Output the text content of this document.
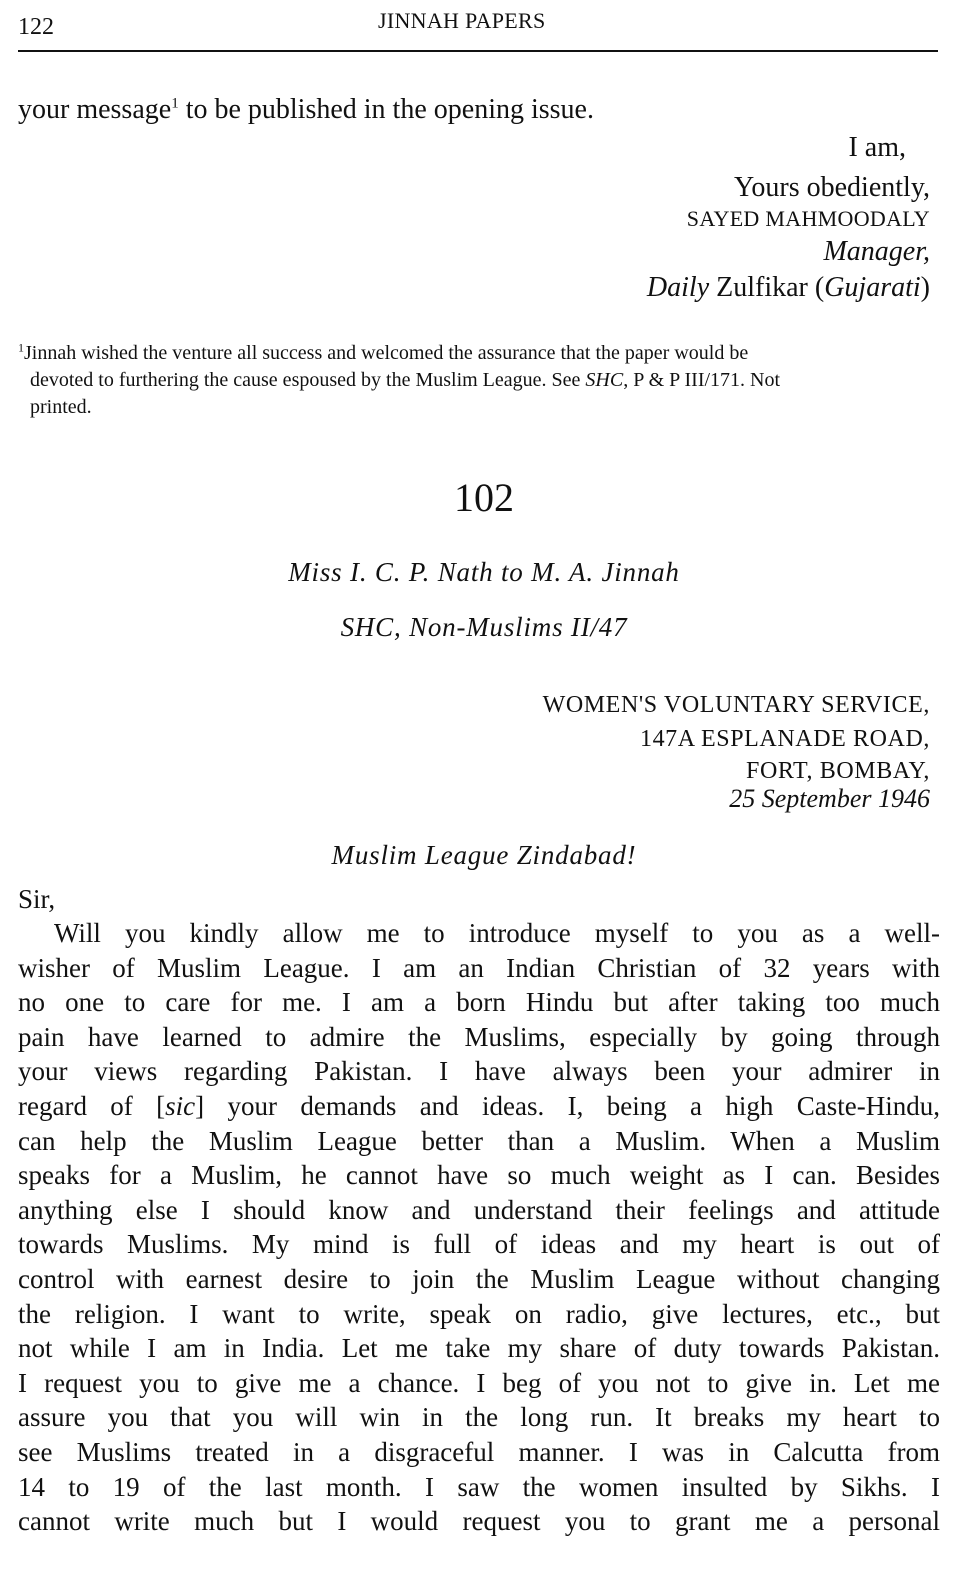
122	JINNAH PAPERS
your message$^1$ to be published in the opening issue.
I am,
Yours obediently,
SAYED MAHMOODALY
Manager,
Daily Zulfikar (Gujarati)
$^1$Jinnah wished the venture all success and welcomed the assurance that the paper would be
devoted to furthering the cause espoused by the Muslim League. See SHC, P & P III/171. Not
printed.
102
Miss I. C. P. Nath to M. A. Jinnah
SHC, Non-Muslims II/47
WOMEN'S VOLUNTARY SERVICE,
147A ESPLANADE ROAD,
FORT, BOMBAY,
25 September 1946
Muslim League Zindabad!
Sir,
Will you kindly allow me to introduce myself to you as a well-
wisher of Muslim League. I am an Indian Christian of 32 years with
no one to care for me. I am a born Hindu but after taking too much
pain have learned to admire the Muslims, especially by going through
your views regarding Pakistan. I have always been your admirer in
regard of [sic] your demands and ideas. I, being a high Caste-Hindu,
can help the Muslim League better than a Muslim. When a Muslim
speaks for a Muslim, he cannot have so much weight as I can. Besides
anything else I should know and understand their feelings and attitude
towards Muslims. My mind is full of ideas and my heart is out of
control with earnest desire to join the Muslim League without changing
the religion. I want to write, speak on radio, give lectures, etc., but
not while I am in India. Let me take my share of duty towards Pakistan.
I request you to give me a chance. I beg of you not to give in. Let me
assure you that you will win in the long run. It breaks my heart to
see Muslims treated in a disgraceful manner. I was in Calcutta from
14 to 19 of the last month. I saw the women insulted by Sikhs. I
cannot write much but I would request you to grant me a personal
